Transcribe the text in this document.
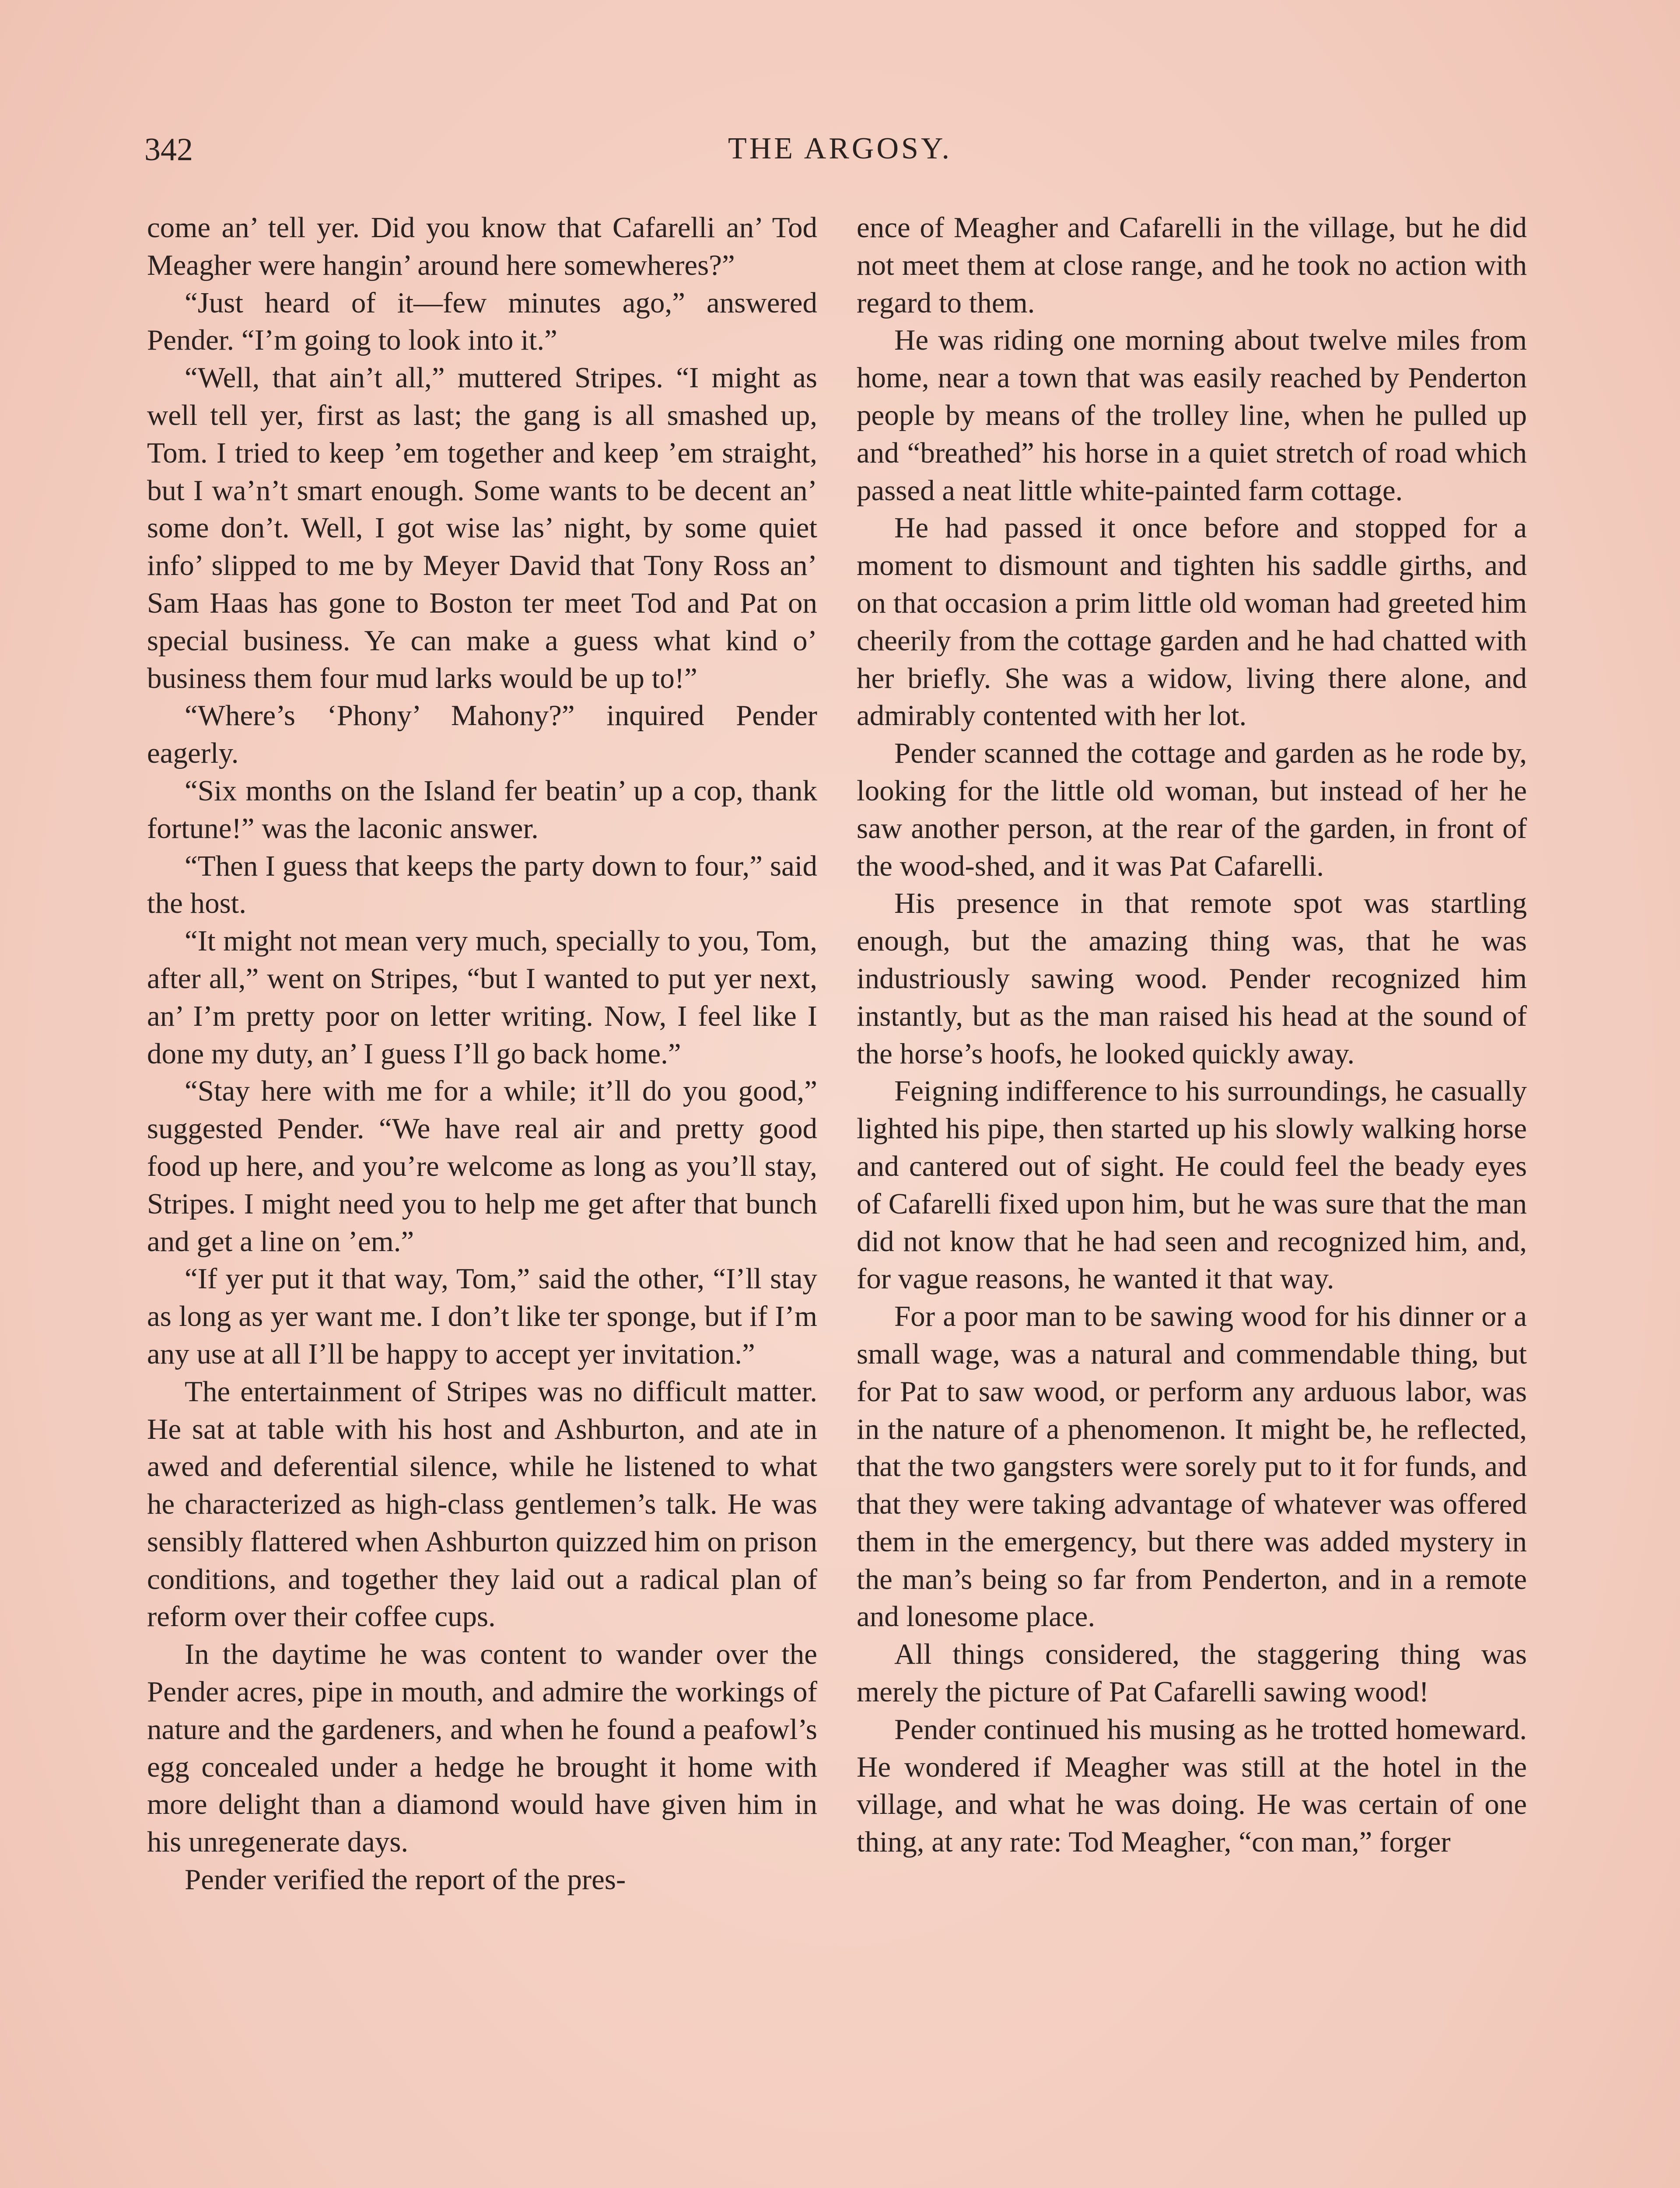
342	THE ARGOSY.

come an’ tell yer. Did you know that Cafarelli an’ Tod Meagher were hangin’ around here somewheres?”

“Just heard of it—few minutes ago,” answered Pender. “I’m going to look into it.”

“Well, that ain’t all,” muttered Stripes. “I might as well tell yer, first as last; the gang is all smashed up, Tom. I tried to keep ’em together and keep ’em straight, but I wa’n’t smart enough. Some wants to be decent an’ some don’t. Well, I got wise las’ night, by some quiet info’ slipped to me by Meyer David that Tony Ross an’ Sam Haas has gone to Boston ter meet Tod and Pat on special business. Ye can make a guess what kind o’ business them four mud larks would be up to!”

“Where’s ‘Phony’ Mahony?” inquired Pender eagerly.

“Six months on the Island fer beatin’ up a cop, thank fortune!” was the laconic answer.

“Then I guess that keeps the party down to four,” said the host.

“It might not mean very much, specially to you, Tom, after all,” went on Stripes, “but I wanted to put yer next, an’ I’m pretty poor on letter writing. Now, I feel like I done my duty, an’ I guess I’ll go back home.”

“Stay here with me for a while; it’ll do you good,” suggested Pender. “We have real air and pretty good food up here, and you’re welcome as long as you’ll stay, Stripes. I might need you to help me get after that bunch and get a line on ’em.”

“If yer put it that way, Tom,” said the other, “I’ll stay as long as yer want me. I don’t like ter sponge, but if I’m any use at all I’ll be happy to accept yer invitation.”

The entertainment of Stripes was no difficult matter. He sat at table with his host and Ashburton, and ate in awed and deferential silence, while he listened to what he characterized as high-class gentlemen’s talk. He was sensibly flattered when Ashburton quizzed him on prison conditions, and together they laid out a radical plan of reform over their coffee cups.

In the daytime he was content to wander over the Pender acres, pipe in mouth, and admire the workings of nature and the gardeners, and when he found a peafowl’s egg concealed under a hedge he brought it home with more delight than a diamond would have given him in his unregenerate days.

Pender verified the report of the pres-

ence of Meagher and Cafarelli in the village, but he did not meet them at close range, and he took no action with regard to them.

He was riding one morning about twelve miles from home, near a town that was easily reached by Penderton people by means of the trolley line, when he pulled up and “breathed” his horse in a quiet stretch of road which passed a neat little white-painted farm cottage.

He had passed it once before and stopped for a moment to dismount and tighten his saddle girths, and on that occasion a prim little old woman had greeted him cheerily from the cottage garden and he had chatted with her briefly. She was a widow, living there alone, and admirably contented with her lot.

Pender scanned the cottage and garden as he rode by, looking for the little old woman, but instead of her he saw another person, at the rear of the garden, in front of the wood-shed, and it was Pat Cafarelli.

His presence in that remote spot was startling enough, but the amazing thing was, that he was industriously sawing wood. Pender recognized him instantly, but as the man raised his head at the sound of the horse’s hoofs, he looked quickly away.

Feigning indifference to his surroundings, he casually lighted his pipe, then started up his slowly walking horse and cantered out of sight. He could feel the beady eyes of Cafarelli fixed upon him, but he was sure that the man did not know that he had seen and recognized him, and, for vague reasons, he wanted it that way.

For a poor man to be sawing wood for his dinner or a small wage, was a natural and commendable thing, but for Pat to saw wood, or perform any arduous labor, was in the nature of a phenomenon. It might be, he reflected, that the two gangsters were sorely put to it for funds, and that they were taking advantage of whatever was offered them in the emergency, but there was added mystery in the man’s being so far from Penderton, and in a remote and lonesome place.

All things considered, the staggering thing was merely the picture of Pat Cafarelli sawing wood!

Pender continued his musing as he trotted homeward. He wondered if Meagher was still at the hotel in the village, and what he was doing. He was certain of one thing, at any rate: Tod Meagher, “con man,” forger
